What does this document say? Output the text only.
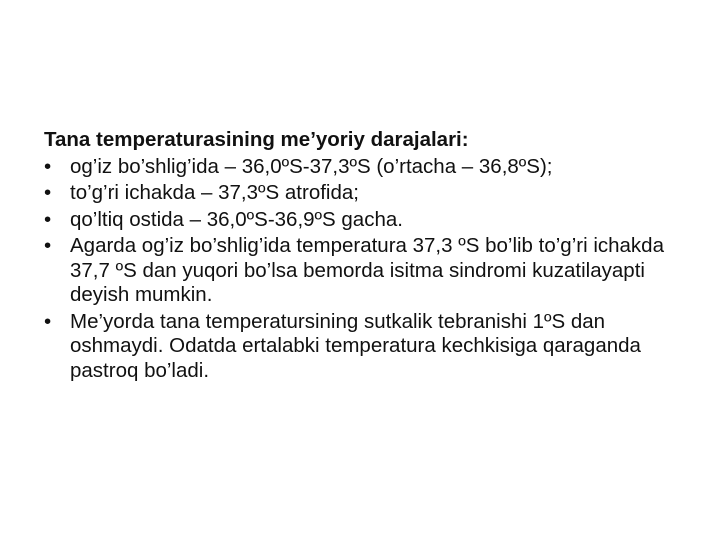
Tana temperaturasining me’yoriy darajalari:
• og’iz bo’shlig’ida – 36,0ºS-37,3ºS (o’rtacha – 36,8ºS);
• to’g’ri ichakda – 37,3ºS atrofida;
• qo’ltiq ostida – 36,0ºS-36,9ºS gacha.
• Agarda og’iz bo’shlig’ida temperatura 37,3 ºS bo’lib to’g’ri ichakda 37,7 ºS dan yuqori bo’lsa bemorda isitma sindromi kuzatilayapti deyish mumkin.
• Me’yorda tana temperatursining sutkalik tebranishi 1ºS dan oshmaydi. Odatda ertalabki temperatura kechkisiga qaraganda pastroq bo’ladi.
